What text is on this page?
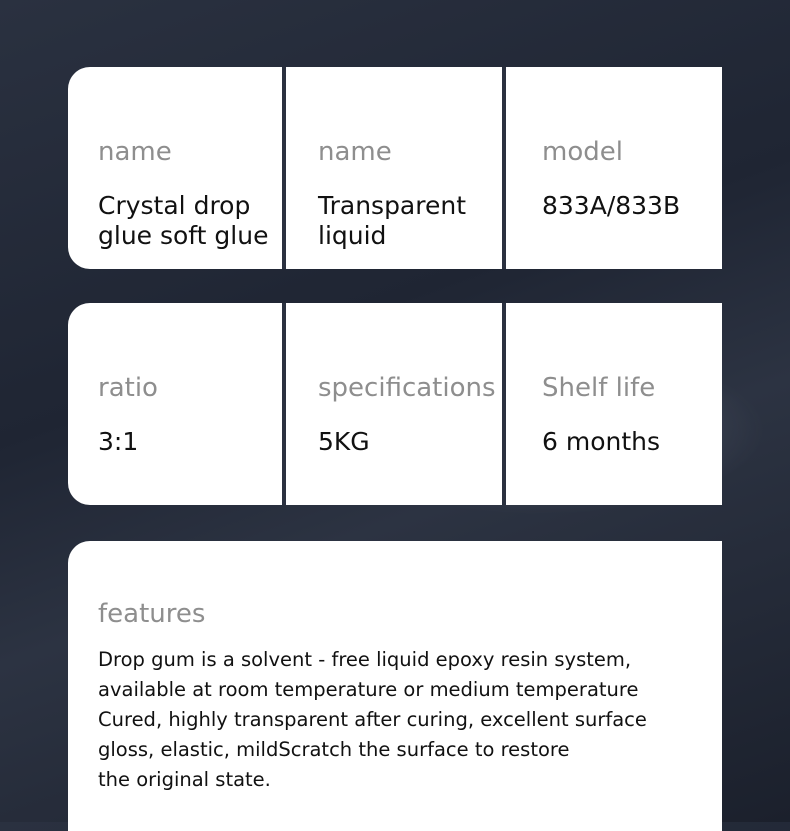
name
Crystal drop glue soft glue
name
Transparent liquid
model
833A/833B
ratio
3:1
specifications
5KG
Shelf life
6 months
features
Drop gum is a solvent - free liquid epoxy resin system,
available at room temperature or medium temperature
Cured, highly transparent after curing, excellent surface
gloss, elastic, mildScratch the surface to restore
the original state.
